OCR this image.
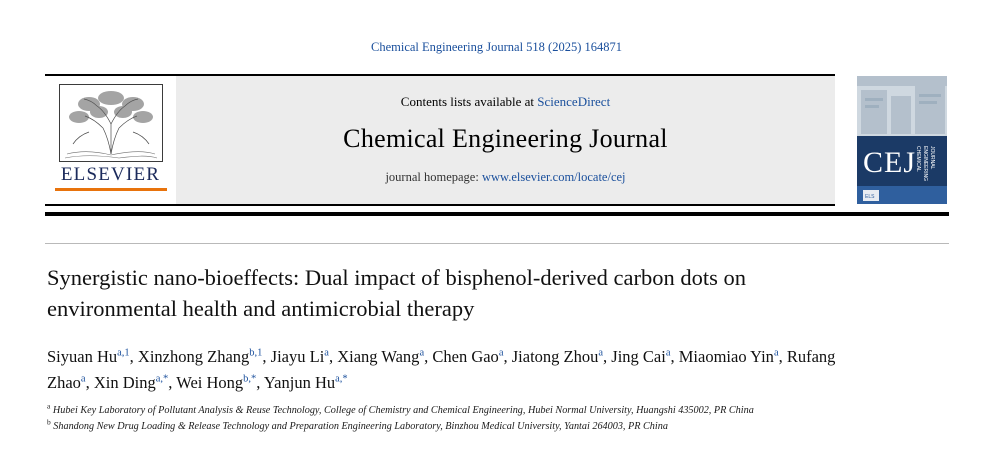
Chemical Engineering Journal 518 (2025) 164871
ELSEVIER
Contents lists available at ScienceDirect
Chemical Engineering Journal
journal homepage: www.elsevier.com/locate/cej	CEJ
CHEMICAL ENGINEERING JOURNAL
ELS
Synergistic nano-bioeffects: Dual impact of bisphenol-derived carbon dots on environmental health and antimicrobial therapy
Siyuan Hu$^{a,1}$, Xinzhong Zhang$^{b,1}$, Jiayu Li$^a$, Xiang Wang$^a$, Chen Gao$^a$, Jiatong Zhou$^a$, Jing Cai$^a$, Miaomiao Yin$^a$, Rufang Zhao$^a$, Xin Ding$^{a,*}$, Wei Hong$^{b,*}$, Yanjun $Hu^{a,*}$
$^a$ Hubei Key Laboratory of Pollutant Analysis & Reuse Technology, College of Chemistry and Chemical Engineering, Hubei Normal University, Huangshi 435002, PR China
$^b$ Shandong New Drug Loading & Release Technology and Preparation Engineering Laboratory, Binzhou Medical University, Yantai 264003, PR China
